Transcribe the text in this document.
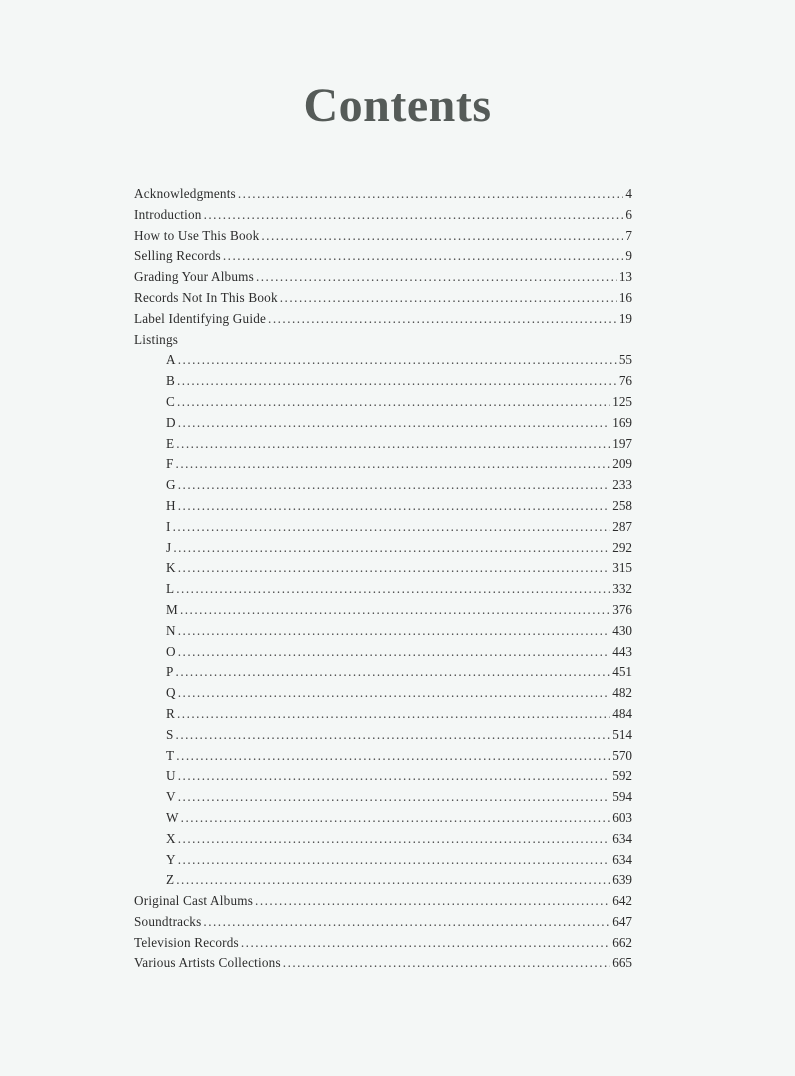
Contents
Acknowledgments . . .	4
Introduction . . .	6
How to Use This Book . . .	7
Selling Records . . .	9
Grading Your Albums . . .	13
Records Not In This Book . . .	16
Label Identifying Guide . . .	19
Listings
A . . .	55
B . . .	76
C . . .	125
D . . .	169
E . . .	197
F . . .	209
G . . .	233
H . . .	258
I . . .	287
J . . .	292
K . . .	315
L . . .	332
M . . .	376
N . . .	430
O . . .	443
P . . .	451
Q . . .	482
R . . .	484
S . . .	514
T . . .	570
U . . .	592
V . . .	594
W . . .	603
X . . .	634
Y . . .	634
Z . . .	639
Original Cast Albums . . .	642
Soundtracks . . .	647
Television Records . . .	662
Various Artists Collections . . .	665
